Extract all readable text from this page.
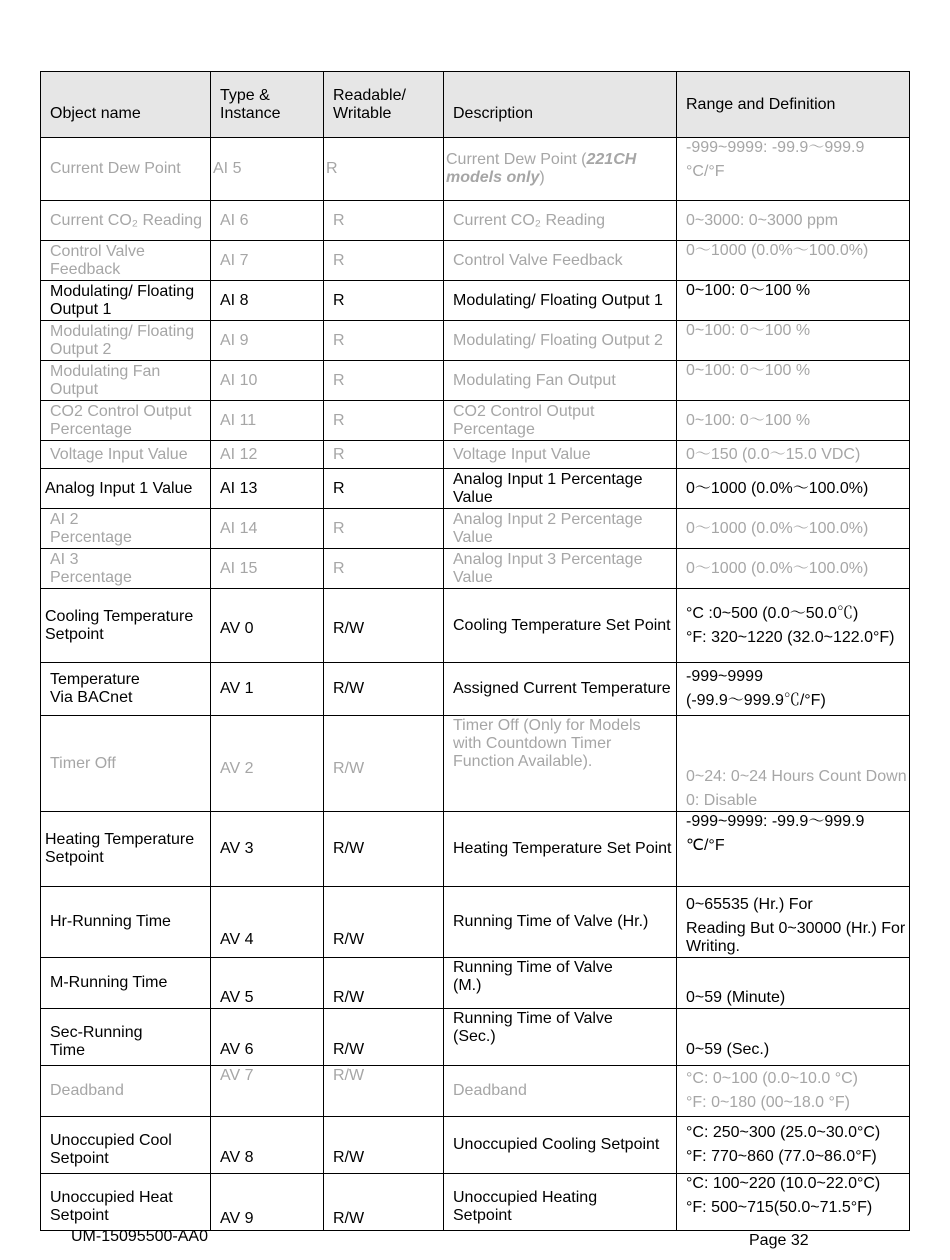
Object name	Type & Instance	Readable/ Writable	Description	Range and Definition
Current Dew Point	AI 5	R	Current Dew Point (221CH models only)	-999~9999: -99.9～999.9
°C/°F

Current CO₂ Reading	AI 6	R	Current CO₂ Reading	0~3000: 0~3000 ppm

Control Valve Feedback	AI 7	R	Control Valve Feedback	0～1000 (0.0%～100.0%)

Modulating/ Floating Output 1	AI 8	R	Modulating/ Floating Output 1	0~100: 0～100 %

Modulating/ Floating Output 2	AI 9	R	Modulating/ Floating Output 2	0~100: 0～100 %

Modulating Fan Output	AI 10	R	Modulating Fan Output	0~100: 0～100 %

CO2 Control Output Percentage	AI 11	R	CO2 Control Output Percentage	0~100: 0～100 %

Voltage Input Value	AI 12	R	Voltage Input Value	0～150 (0.0～15.0 VDC)

Analog Input 1 Value	AI 13	R	Analog Input 1 Percentage Value	0～1000 (0.0%～100.0%)

AI 2 Percentage	AI 14	R	Analog Input 2 Percentage Value	0～1000 (0.0%～100.0%)

AI 3 Percentage	AI 15	R	Analog Input 3 Percentage Value	0～1000 (0.0%～100.0%)

Cooling Temperature Setpoint	AV 0	R/W	Cooling Temperature Set Point	°C :0~500 (0.0～50.0℃)
°F: 320~1220 (32.0~122.0°F)

Temperature Via BACnet	AV 1	R/W	Assigned Current Temperature	-999~9999
(-99.9～999.9℃/°F)

Timer Off	AV 2	R/W	Timer Off (Only for Models with Countdown Timer Function Available).	0~24: 0~24 Hours Count Down
0: Disable

Heating Temperature Setpoint	AV 3	R/W	Heating Temperature Set Point	-999~9999: -99.9～999.9
℃/°F

Hr-Running Time	AV 4	R/W	Running Time of Valve (Hr.)	0~65535 (Hr.) For
Reading But 0~30000 (Hr.) For Writing.

M-Running Time	AV 5	R/W	Running Time of Valve (M.)	0~59 (Minute)

Sec-Running Time	AV 6	R/W	Running Time of Valve (Sec.)	0~59 (Sec.)

Deadband	AV 7	R/W	Deadband	°C: 0~100 (0.0~10.0 °C)
°F: 0~180 (00~18.0 °F)

Unoccupied Cool Setpoint	AV 8	R/W	Unoccupied Cooling Setpoint	°C: 250~300 (25.0~30.0°C)
°F: 770~860 (77.0~86.0°F)

Unoccupied Heat Setpoint	AV 9	R/W	Unoccupied Heating Setpoint	°C: 100~220 (10.0~22.0°C)
°F: 500~715(50.0~71.5°F)
UM-15095500-AA0	Page 32
